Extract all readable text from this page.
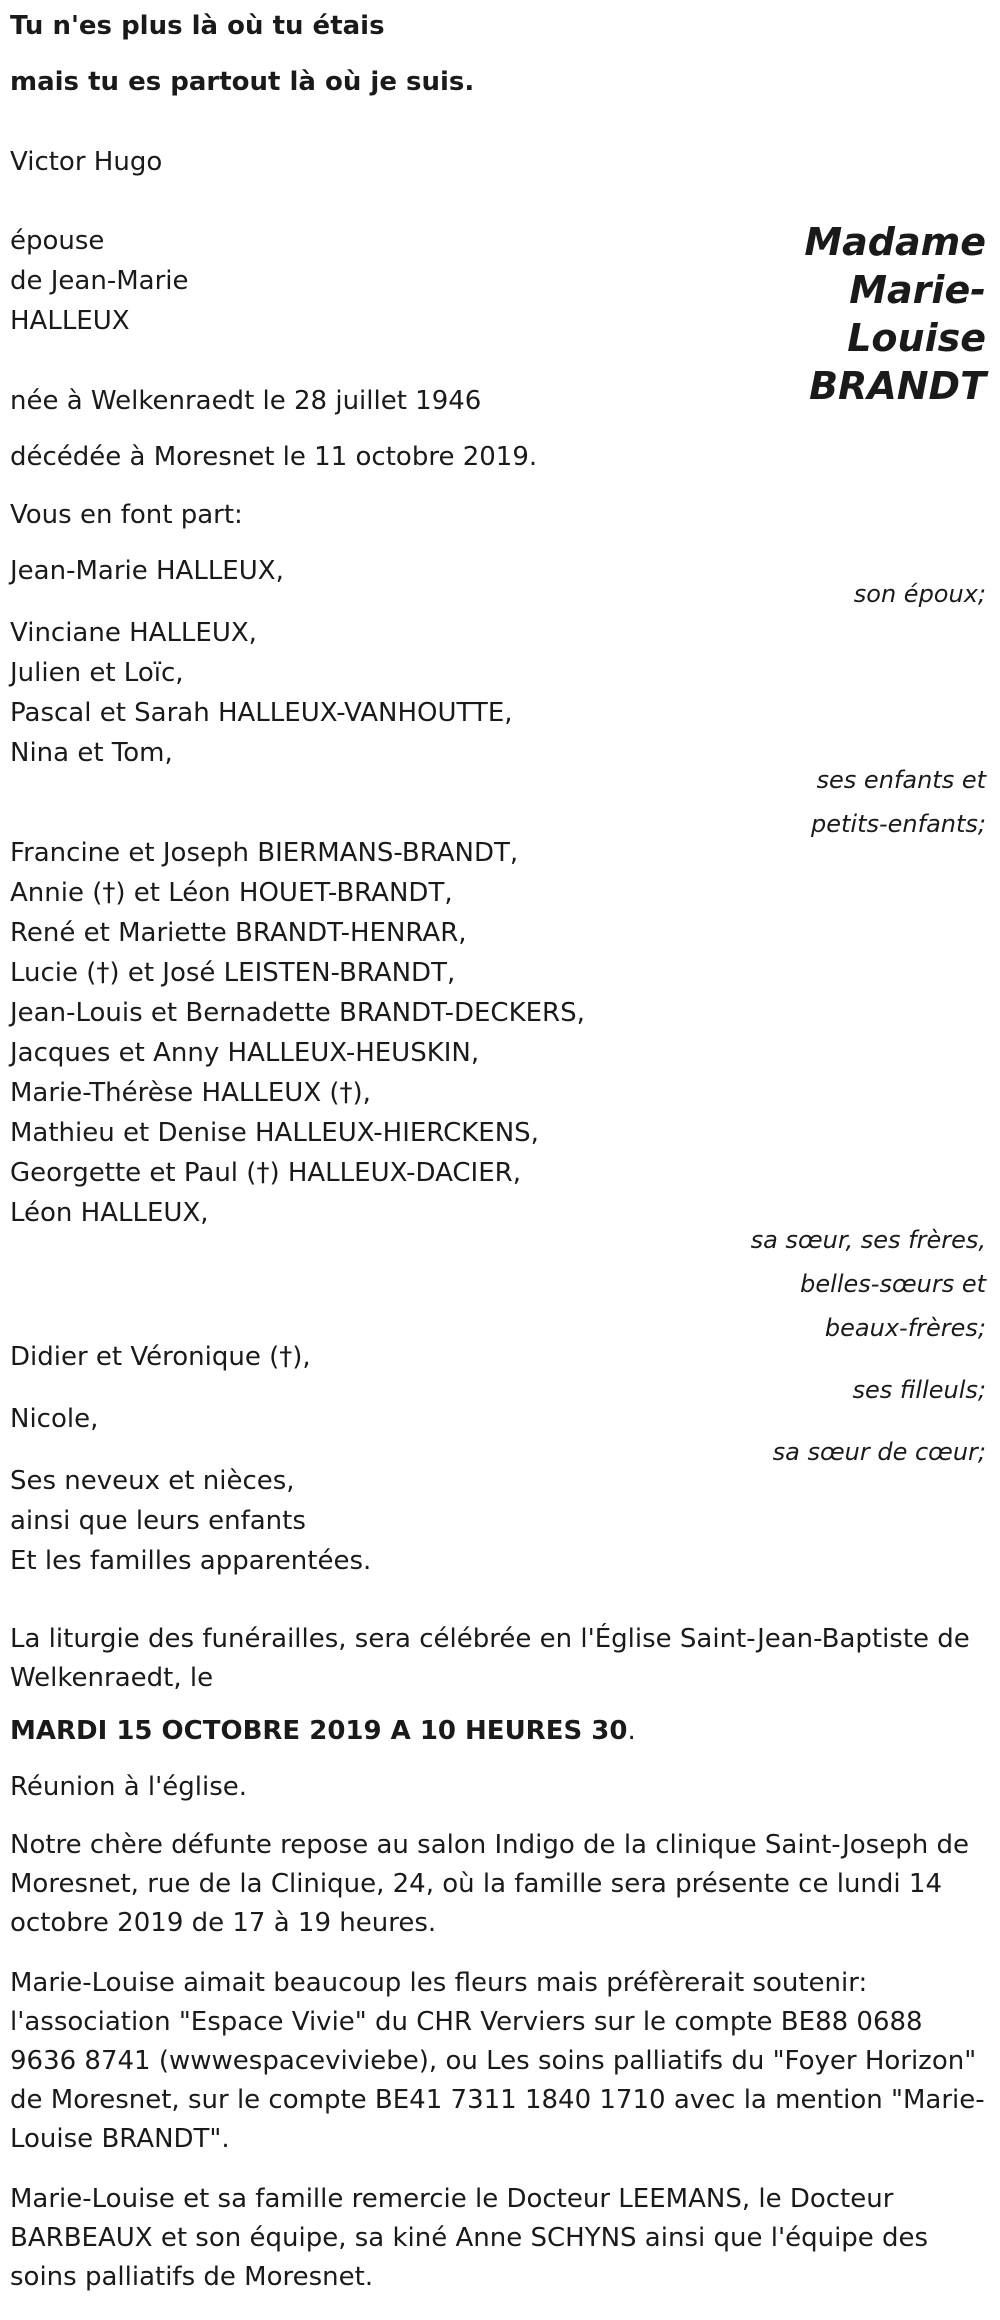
Tu n'es plus là où tu étais
mais tu es partout là où je suis.
Victor Hugo
épouse
de Jean-Marie
HALLEUX
Madame
Marie-
Louise
BRANDT
née à Welkenraedt le 28 juillet 1946
décédée à Moresnet le 11 octobre 2019.
Vous en font part:
Jean-Marie HALLEUX,
son époux;
Vinciane HALLEUX,
Julien et Loïc,
Pascal et Sarah HALLEUX-VANHOUTTE,
Nina et Tom,
ses enfants et
petits-enfants;
Francine et Joseph BIERMANS-BRANDT,
Annie (†) et Léon HOUET-BRANDT,
René et Mariette BRANDT-HENRAR,
Lucie (†) et José LEISTEN-BRANDT,
Jean-Louis et Bernadette BRANDT-DECKERS,
Jacques et Anny HALLEUX-HEUSKIN,
Marie-Thérèse HALLEUX (†),
Mathieu et Denise HALLEUX-HIERCKENS,
Georgette et Paul (†) HALLEUX-DACIER,
Léon HALLEUX,
sa sœur, ses frères,
belles-sœurs et
beaux-frères;
Didier et Véronique (†),
ses filleuls;
Nicole,
sa sœur de cœur;
Ses neveux et nièces,
ainsi que leurs enfants
Et les familles apparentées.
La liturgie des funérailles, sera célébrée en l'Église Saint-Jean-Baptiste de Welkenraedt, le
MARDI 15 OCTOBRE 2019 A 10 HEURES 30.
Réunion à l'église.
Notre chère défunte repose au salon Indigo de la clinique Saint-Joseph de Moresnet, rue de la Clinique, 24, où la famille sera présente ce lundi 14 octobre 2019 de 17 à 19 heures.
Marie-Louise aimait beaucoup les fleurs mais préfèrerait soutenir: l'association "Espace Vivie" du CHR Verviers sur le compte BE88 0688 9636 8741 (wwwespaceviviebe), ou Les soins palliatifs du "Foyer Horizon" de Moresnet, sur le compte BE41 7311 1840 1710 avec la mention "Marie-Louise BRANDT".
Marie-Louise et sa famille remercie le Docteur LEEMANS, le Docteur BARBEAUX et son équipe, sa kiné Anne SCHYNS ainsi que l'équipe des soins palliatifs de Moresnet.
